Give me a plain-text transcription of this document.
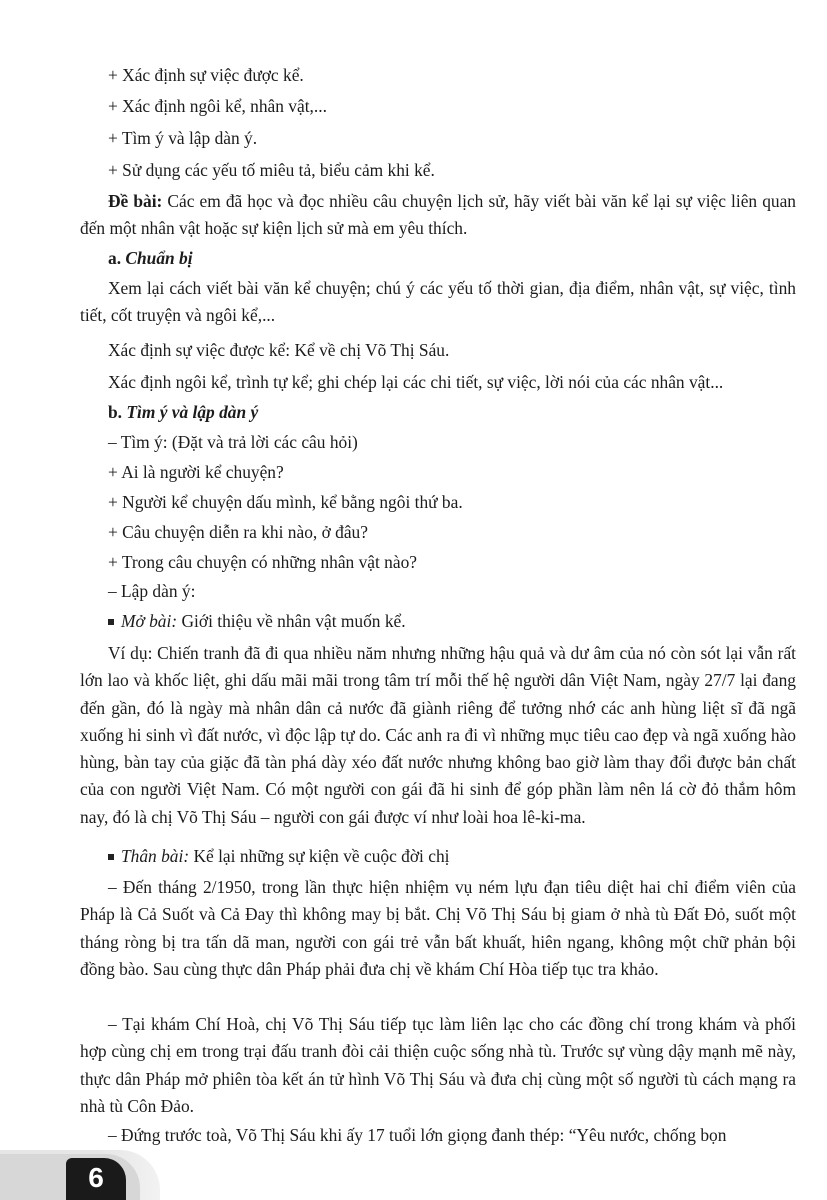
+ Xác định sự việc được kể.

+ Xác định ngôi kể, nhân vật,...

+ Tìm ý và lập dàn ý.

+ Sử dụng các yếu tố miêu tả, biểu cảm khi kể.

Đề bài: Các em đã học và đọc nhiều câu chuyện lịch sử, hãy viết bài văn kể lại sự việc liên quan đến một nhân vật hoặc sự kiện lịch sử mà em yêu thích.

a. Chuẩn bị

Xem lại cách viết bài văn kể chuyện; chú ý các yếu tố thời gian, địa điểm, nhân vật, sự việc, tình tiết, cốt truyện và ngôi kể,...

Xác định sự việc được kể: Kể về chị Võ Thị Sáu.

Xác định ngôi kể, trình tự kể; ghi chép lại các chi tiết, sự việc, lời nói của các nhân vật...

b. Tìm ý và lập dàn ý

– Tìm ý: (Đặt và trả lời các câu hỏi)

+ Ai là người kể chuyện?

+ Người kể chuyện dấu mình, kể bằng ngôi thứ ba.

+ Câu chuyện diễn ra khi nào, ở đâu?

+ Trong câu chuyện có những nhân vật nào?

– Lập dàn ý:

Mở bài: Giới thiệu về nhân vật muốn kể.

Ví dụ: Chiến tranh đã đi qua nhiều năm nhưng những hậu quả và dư âm của nó còn sót lại vẫn rất lớn lao và khốc liệt, ghi dấu mãi mãi trong tâm trí mỗi thế hệ người dân Việt Nam, ngày 27/7 lại đang đến gần, đó là ngày mà nhân dân cả nước đã giành riêng để tưởng nhớ các anh hùng liệt sĩ đã ngã xuống hi sinh vì đất nước, vì độc lập tự do. Các anh ra đi vì những mục tiêu cao đẹp và ngã xuống hào hùng, bàn tay của giặc đã tàn phá dày xéo đất nước nhưng không bao giờ làm thay đổi được bản chất của con người Việt Nam. Có một người con gái đã hi sinh để góp phần làm nên lá cờ đỏ thắm hôm nay, đó là chị Võ Thị Sáu – người con gái được ví như loài hoa lê-ki-ma.

Thân bài: Kể lại những sự kiện về cuộc đời chị

– Đến tháng 2/1950, trong lần thực hiện nhiệm vụ ném lựu đạn tiêu diệt hai chỉ điểm viên của Pháp là Cả Suốt và Cả Đay thì không may bị bắt. Chị Võ Thị Sáu bị giam ở nhà tù Đất Đỏ, suốt một tháng ròng bị tra tấn dã man, người con gái trẻ vẫn bất khuất, hiên ngang, không một chữ phản bội đồng bào. Sau cùng thực dân Pháp phải đưa chị về khám Chí Hòa tiếp tục tra khảo.

– Tại khám Chí Hoà, chị Võ Thị Sáu tiếp tục làm liên lạc cho các đồng chí trong khám và phối hợp cùng chị em trong trại đấu tranh đòi cải thiện cuộc sống nhà tù. Trước sự vùng dậy mạnh mẽ này, thực dân Pháp mở phiên tòa kết án tử hình Võ Thị Sáu và đưa chị cùng một số người tù cách mạng ra nhà tù Côn Đảo.

– Đứng trước toà, Võ Thị Sáu khi ấy 17 tuổi lớn giọng đanh thép: “Yêu nước, chống bọn

6
